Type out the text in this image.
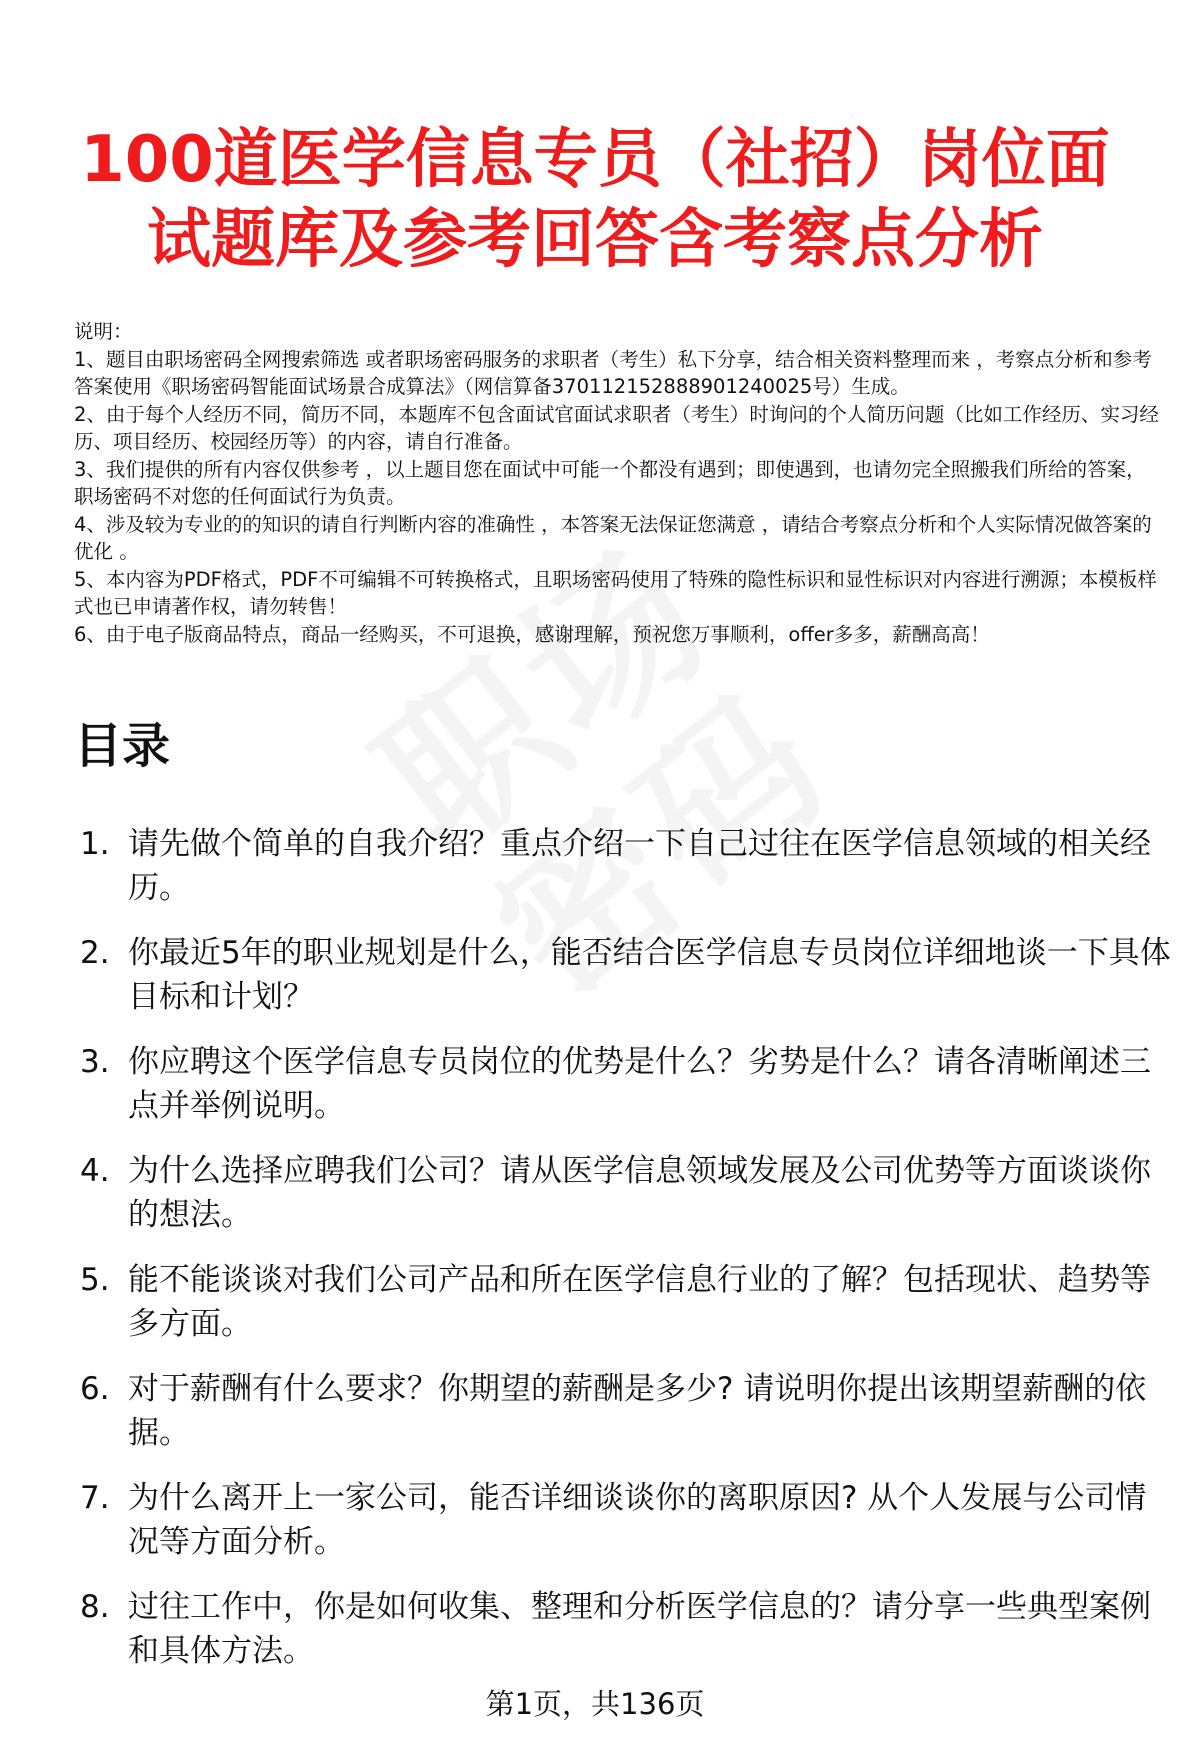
100道医学信息专员（社招）岗位面试题库及参考回答含考察点分析

说明：

1、题目由职场密码全网搜索筛选 或者职场密码服务的求职者（考生）私下分享，结合相关资料整理而来 ，考察点分析和参考答案使用《职场密码智能面试场景合成算法》（网信算备370112152888901240025号）生成。

2、由于每个人经历不同，简历不同，本题库不包含面试官面试求职者（考生）时询问的个人简历问题（比如工作经历、实习经历、项目经历、校园经历等）的内容，请自行准备。

3、我们提供的所有内容仅供参考 ，以上题目您在面试中可能一个都没有遇到；即使遇到，也请勿完全照搬我们所给的答案，职场密码不对您的任何面试行为负责。

4、涉及较为专业的的知识的请自行判断内容的准确性 ，本答案无法保证您满意 ，请结合考察点分析和个人实际情况做答案的优化 。

5、本内容为PDF格式，PDF不可编辑不可转换格式，且职场密码使用了特殊的隐性标识和显性标识对内容进行溯源；本模板样式也已申请著作权，请勿转售！

6、由于电子版商品特点，商品一经购买，不可退换，感谢理解，预祝您万事顺利，offer多多，薪酬高高！

目录
1. 请先做个简单的自我介绍？重点介绍一下自己过往在医学信息领域的相关经历。
2. 你最近5年的职业规划是什么，能否结合医学信息专员岗位详细地谈一下具体目标和计划？
3. 你应聘这个医学信息专员岗位的优势是什么？劣势是什么？请各清晰阐述三点并举例说明。
4. 为什么选择应聘我们公司？请从医学信息领域发展及公司优势等方面谈谈你的想法。
5. 能不能谈谈对我们公司产品和所在医学信息行业的了解？包括现状、趋势等多方面。
6. 对于薪酬有什么要求？你期望的薪酬是多少? 请说明你提出该期望薪酬的依据。
7. 为什么离开上一家公司，能否详细谈谈你的离职原因? 从个人发展与公司情况等方面分析。
8. 过往工作中，你是如何收集、整理和分析医学信息的？请分享一些典型案例和具体方法。
第1页，共136页
